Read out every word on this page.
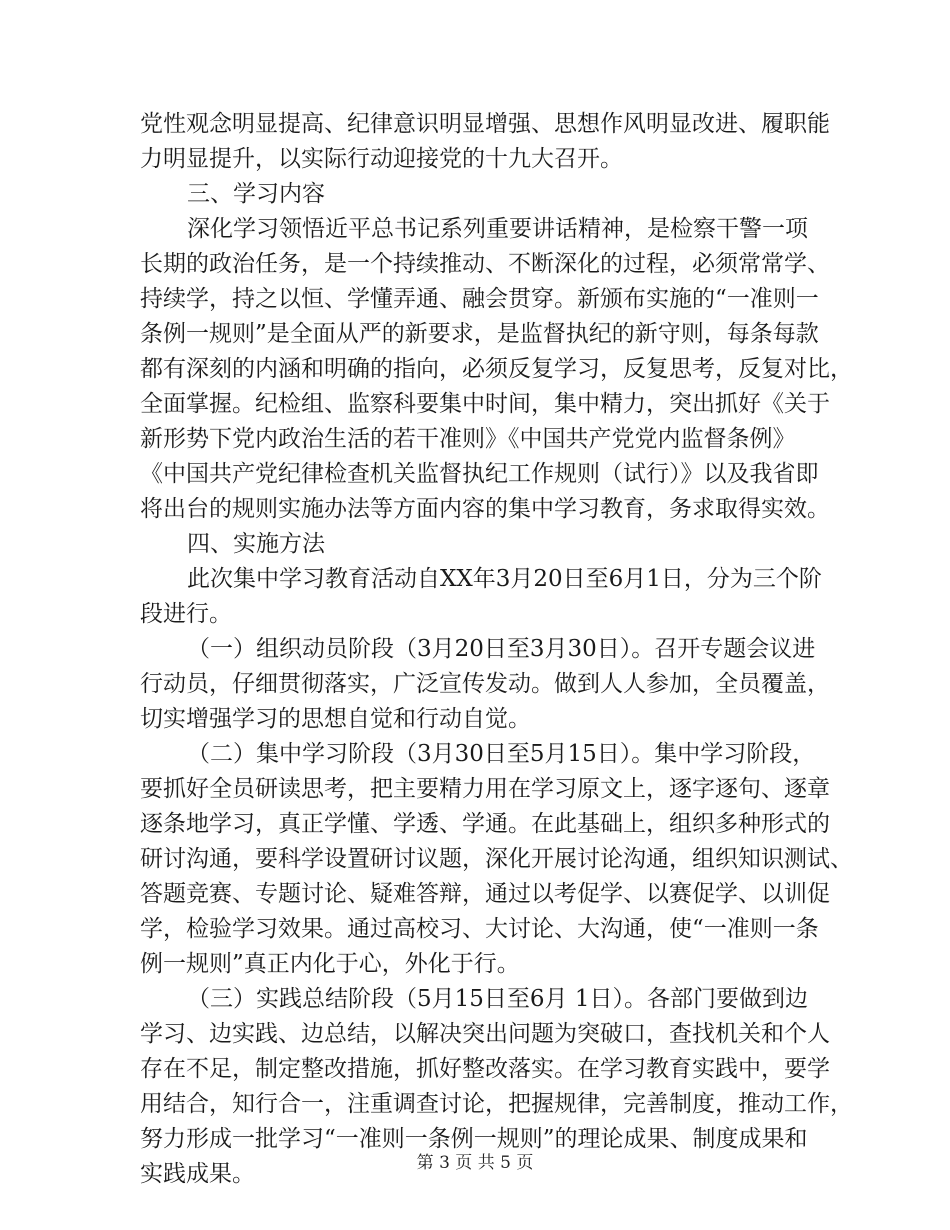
党性观念明显提高、纪律意识明显增强、思想作风明显改进、履职能
力明显提升，以实际行动迎接党的十九大召开。
三、学习内容
深化学习领悟近平总书记系列重要讲话精神，是检察干警一项
长期的政治任务，是一个持续推动、不断深化的过程，必须常常学、
持续学，持之以恒、学懂弄通、融会贯穿。新颁布实施的“一准则一
条例一规则”是全面从严的新要求，是监督执纪的新守则，每条每款
都有深刻的内涵和明确的指向，必须反复学习，反复思考，反复对比，
全面掌握。纪检组、监察科要集中时间，集中精力，突出抓好《关于
新形势下党内政治生活的若干准则》《中国共产党党内监督条例》
《中国共产党纪律检查机关监督执纪工作规则（试行）》以及我省即
将出台的规则实施办法等方面内容的集中学习教育，务求取得实效。
四、实施方法
此次集中学习教育活动自XX年3月20日至6月1日，分为三个阶
段进行。
（一）组织动员阶段（3月20日至3月30日）。召开专题会议进
行动员，仔细贯彻落实，广泛宣传发动。做到人人参加，全员覆盖，
切实增强学习的思想自觉和行动自觉。
（二）集中学习阶段（3月30日至5月15日）。集中学习阶段，
要抓好全员研读思考，把主要精力用在学习原文上，逐字逐句、逐章
逐条地学习，真正学懂、学透、学通。在此基础上，组织多种形式的
研讨沟通，要科学设置研讨议题，深化开展讨论沟通，组织知识测试、
答题竞赛、专题讨论、疑难答辩，通过以考促学、以赛促学、以训促
学，检验学习效果。通过高校习、大讨论、大沟通，使“一准则一条
例一规则”真正内化于心，外化于行。
（三）实践总结阶段（5月15日至6月 1日）。各部门要做到边
学习、边实践、边总结，以解决突出问题为突破口，查找机关和个人
存在不足，制定整改措施，抓好整改落实。在学习教育实践中，要学
用结合，知行合一，注重调查讨论，把握规律，完善制度，推动工作，
努力形成一批学习“一准则一条例一规则”的理论成果、制度成果和
实践成果。	第 3 页 共 5 页
